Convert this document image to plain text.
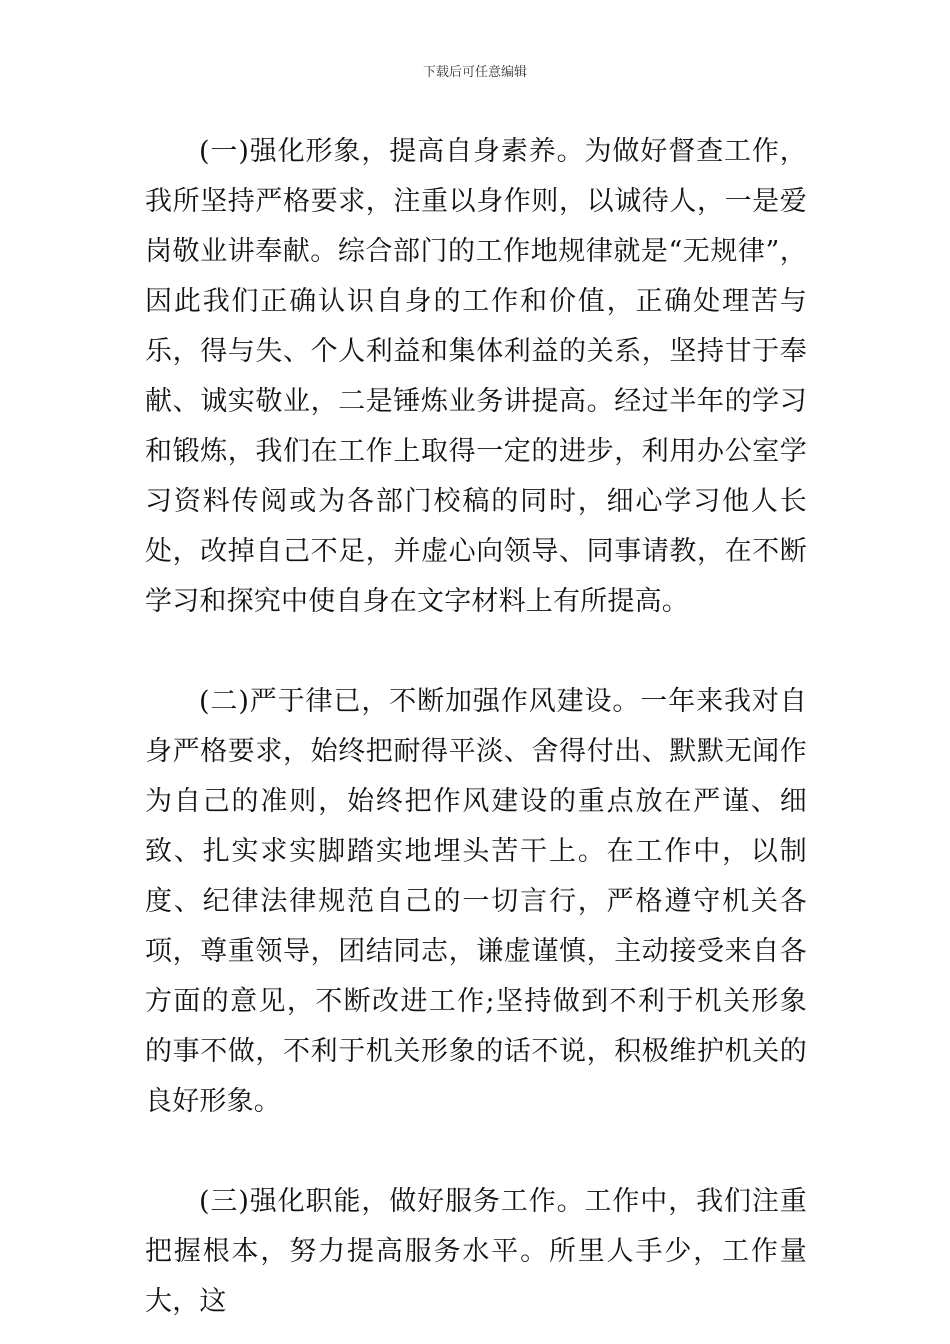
下载后可任意编辑

(一)强化形象，提高自身素养。为做好督查工作，我所坚持严格要求，注重以身作则，以诚待人，一是爱岗敬业讲奉献。综合部门的工作地规律就是“无规律”，因此我们正确认识自身的工作和价值，正确处理苦与乐，得与失、个人利益和集体利益的关系，坚持甘于奉献、诚实敬业，二是锤炼业务讲提高。经过半年的学习和锻炼，我们在工作上取得一定的进步，利用办公室学习资料传阅或为各部门校稿的同时，细心学习他人长处，改掉自己不足，并虚心向领导、同事请教，在不断学习和探究中使自身在文字材料上有所提高。

(二)严于律已，不断加强作风建设。一年来我对自身严格要求，始终把耐得平淡、舍得付出、默默无闻作为自己的准则，始终把作风建设的重点放在严谨、细致、扎实求实脚踏实地埋头苦干上。在工作中，以制度、纪律法律规范自己的一切言行，严格遵守机关各项，尊重领导，团结同志，谦虚谨慎，主动接受来自各方面的意见，不断改进工作;坚持做到不利于机关形象的事不做，不利于机关形象的话不说，积极维护机关的良好形象。

(三)强化职能，做好服务工作。工作中，我们注重把握根本，努力提高服务水平。所里人手少，工作量大，这
